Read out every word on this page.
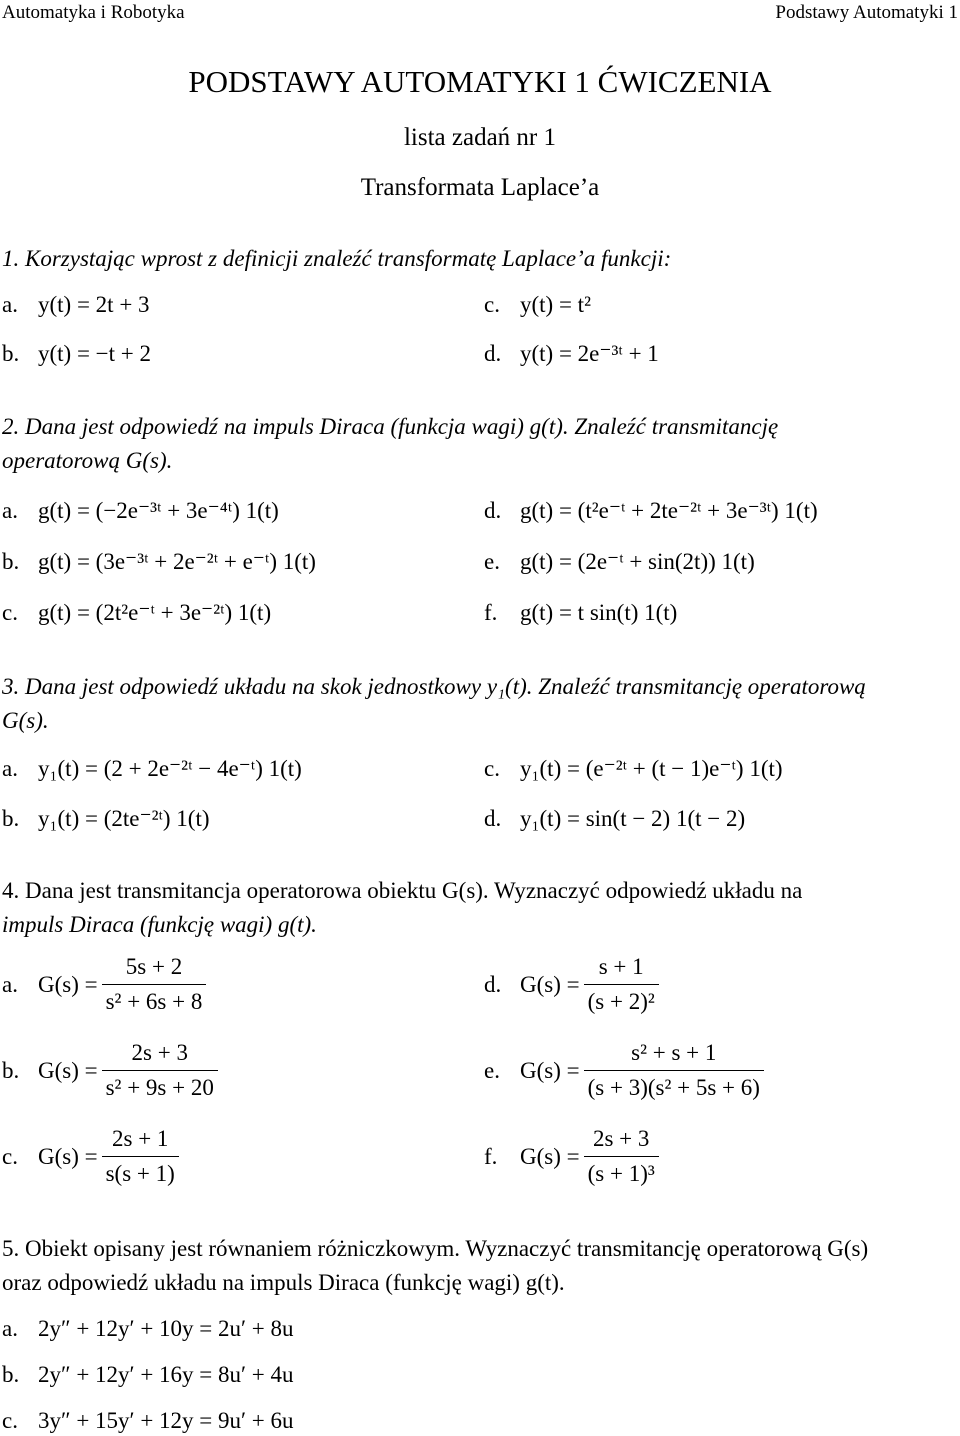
Automatyka i Robotyka	Podstawy Automatyki 1
PODSTAWY AUTOMATYKI 1 ĆWICZENIA
lista zadań nr 1
Transformata Laplace’a
1. Korzystając wprost z definicji znaleźć transformatę Laplace’a funkcji:
a. y(t) = 2t + 3
b. y(t) = −t + 2
c. y(t) = t²
d. y(t) = 2e⁻³ᵗ + 1
2. Dana jest odpowiedź na impuls Diraca (funkcja wagi) g(t). Znaleźć transmitancję
operatorową G(s).
a. g(t) = (−2e⁻³ᵗ + 3e⁻⁴ᵗ) 1(t)
b. g(t) = (3e⁻³ᵗ + 2e⁻²ᵗ + e⁻ᵗ) 1(t)
c. g(t) = (2t²e⁻ᵗ + 3e⁻²ᵗ) 1(t)
d. g(t) = (t²e⁻ᵗ + 2te⁻²ᵗ + 3e⁻³ᵗ) 1(t)
e. g(t) = (2e⁻ᵗ + sin(2t)) 1(t)
f. g(t) = t sin(t) 1(t)
3. Dana jest odpowiedź układu na skok jednostkowy y₁(t). Znaleźć transmitancję operatorową
G(s).
a. y₁(t) = (2 + 2e⁻²ᵗ − 4e⁻ᵗ) 1(t)
b. y₁(t) = (2te⁻²ᵗ) 1(t)
c. y₁(t) = (e⁻²ᵗ + (t − 1)e⁻ᵗ) 1(t)
d. y₁(t) = sin(t − 2) 1(t − 2)
4. Dana jest transmitancja operatorowa obiektu G(s). Wyznaczyć odpowiedź układu na
impuls Diraca (funkcję wagi) g(t).
a. $G(s) = \frac{5s + 2}{\text{s² + 6s + 8}}$
b. $G(s) = \frac{2s + 3}{\text{s² + 9s + 20}}$
c. $G(s) = \frac{2s + 1}{s(s + 1)}$
d. $G(s) = \frac{s + 1}{\text{(s + 2)²}}$
e. $G(s) = \frac{\text{s² + s + 1}}{\text{(s + 3)(s² + 5s + 6)}}$
f. $G(s) = \frac{2s + 3}{\text{(s + 1)³}}$
5. Obiekt opisany jest równaniem różniczkowym. Wyznaczyć transmitancję operatorową G(s)
oraz odpowiedź układu na impuls Diraca (funkcję wagi) g(t).
a. 2y″ + 12y′ + 10y = 2u′ + 8u
b. 2y″ + 12y′ + 16y = 8u′ + 4u
c. 3y″ + 15y′ + 12y = 9u′ + 6u
